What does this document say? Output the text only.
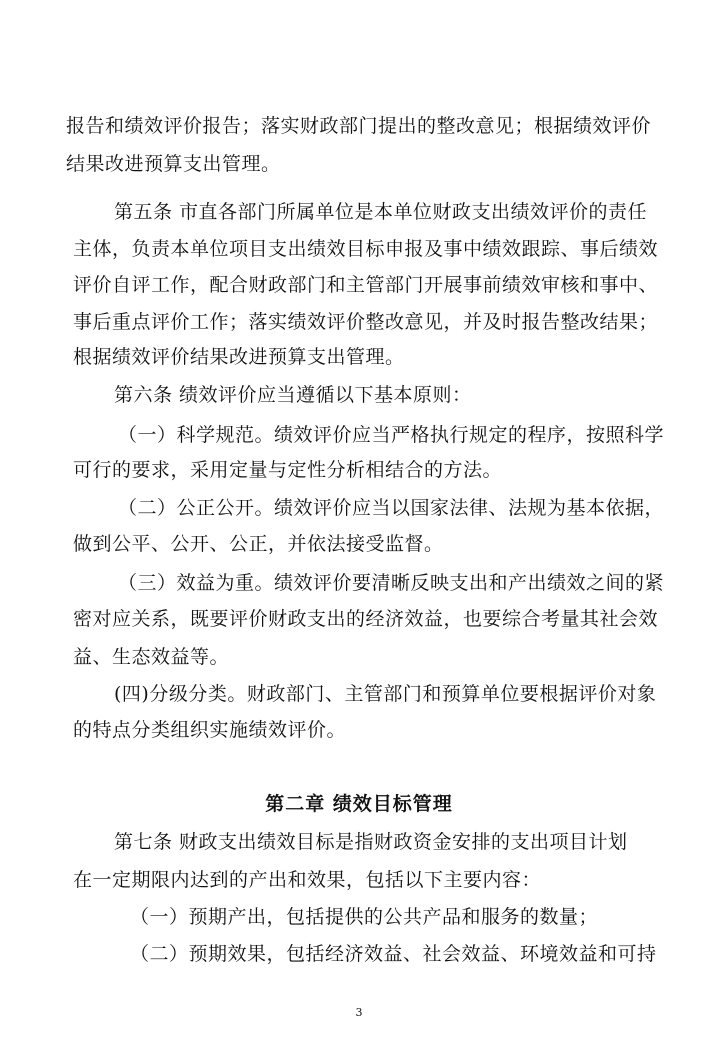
报告和绩效评价报告；落实财政部门提出的整改意见；根据绩效评价
结果改进预算支出管理。
第五条 市直各部门所属单位是本单位财政支出绩效评价的责任
主体，负责本单位项目支出绩效目标申报及事中绩效跟踪、事后绩效
评价自评工作，配合财政部门和主管部门开展事前绩效审核和事中、
事后重点评价工作；落实绩效评价整改意见，并及时报告整改结果；
根据绩效评价结果改进预算支出管理。
第六条 绩效评价应当遵循以下基本原则：
（一）科学规范。绩效评价应当严格执行规定的程序，按照科学
可行的要求，采用定量与定性分析相结合的方法。
（二）公正公开。绩效评价应当以国家法律、法规为基本依据，
做到公平、公开、公正，并依法接受监督。
（三）效益为重。绩效评价要清晰反映支出和产出绩效之间的紧
密对应关系，既要评价财政支出的经济效益，也要综合考量其社会效
益、生态效益等。
(四)分级分类。财政部门、主管部门和预算单位要根据评价对象
的特点分类组织实施绩效评价。
第二章 绩效目标管理
第七条 财政支出绩效目标是指财政资金安排的支出项目计划
在一定期限内达到的产出和效果，包括以下主要内容：
（一）预期产出，包括提供的公共产品和服务的数量；
（二）预期效果，包括经济效益、社会效益、环境效益和可持
3
